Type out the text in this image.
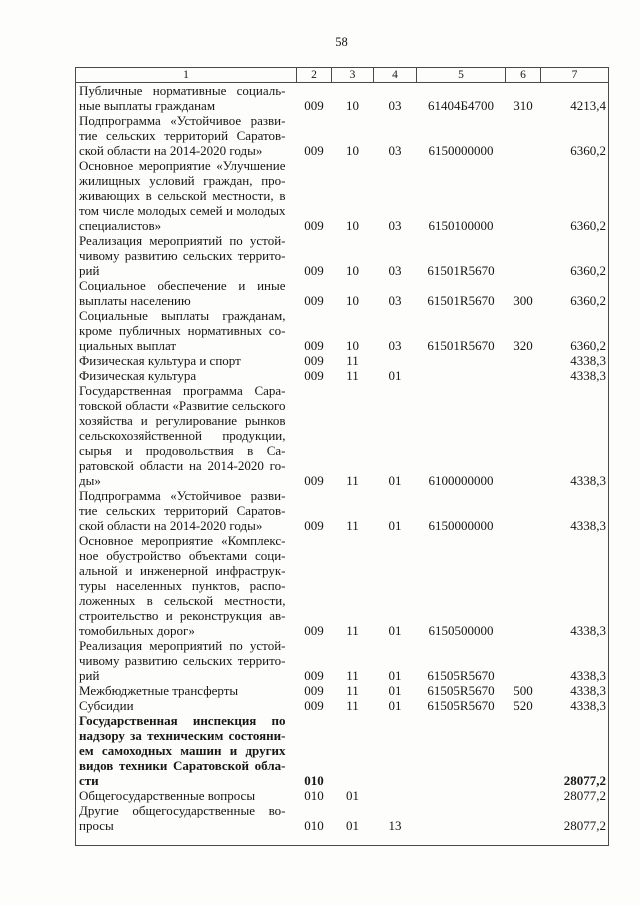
58
1	2	3	4	5	6	7
Публичные нормативные социальные выплаты гражданам	009	10	03	61404Б4700	310	4213,4
Подпрограмма «Устойчивое развитие сельских территорий Саратовской области на 2014-2020 годы»	009	10	03	6150000000		6360,2
Основное мероприятие «Улучшение жилищных условий граждан, проживающих в сельской местности, в том числе молодых семей и молодых специалистов»	009	10	03	6150100000		6360,2
Реализация мероприятий по устойчивому развитию сельских территорий	009	10	03	61501R5670		6360,2
Социальное обеспечение и иные выплаты населению	009	10	03	61501R5670	300	6360,2
Социальные выплаты гражданам, кроме публичных нормативных социальных выплат	009	10	03	61501R5670	320	6360,2
Физическая культура и спорт	009	11				4338,3
Физическая культура	009	11	01			4338,3
Государственная программа Саратовской области «Развитие сельского хозяйства и регулирование рынков сельскохозяйственной продукции, сырья и продовольствия в Саратовской области на 2014-2020 годы»	009	11	01	6100000000		4338,3
Подпрограмма «Устойчивое развитие сельских территорий Саратовской области на 2014-2020 годы»	009	11	01	6150000000		4338,3
Основное мероприятие «Комплексное обустройство объектами социальной и инженерной инфраструктуры населенных пунктов, расположенных в сельской местности, строительство и реконструкция автомобильных дорог»	009	11	01	6150500000		4338,3
Реализация мероприятий по устойчивому развитию сельских территорий	009	11	01	61505R5670		4338,3
Межбюджетные трансферты	009	11	01	61505R5670	500	4338,3
Субсидии	009	11	01	61505R5670	520	4338,3
Государственная инспекция по надзору за техническим состоянием самоходных машин и других видов техники Саратовской области	010					28077,2
Общегосударственные вопросы	010	01				28077,2
Другие общегосударственные вопросы	010	01	13			28077,2
